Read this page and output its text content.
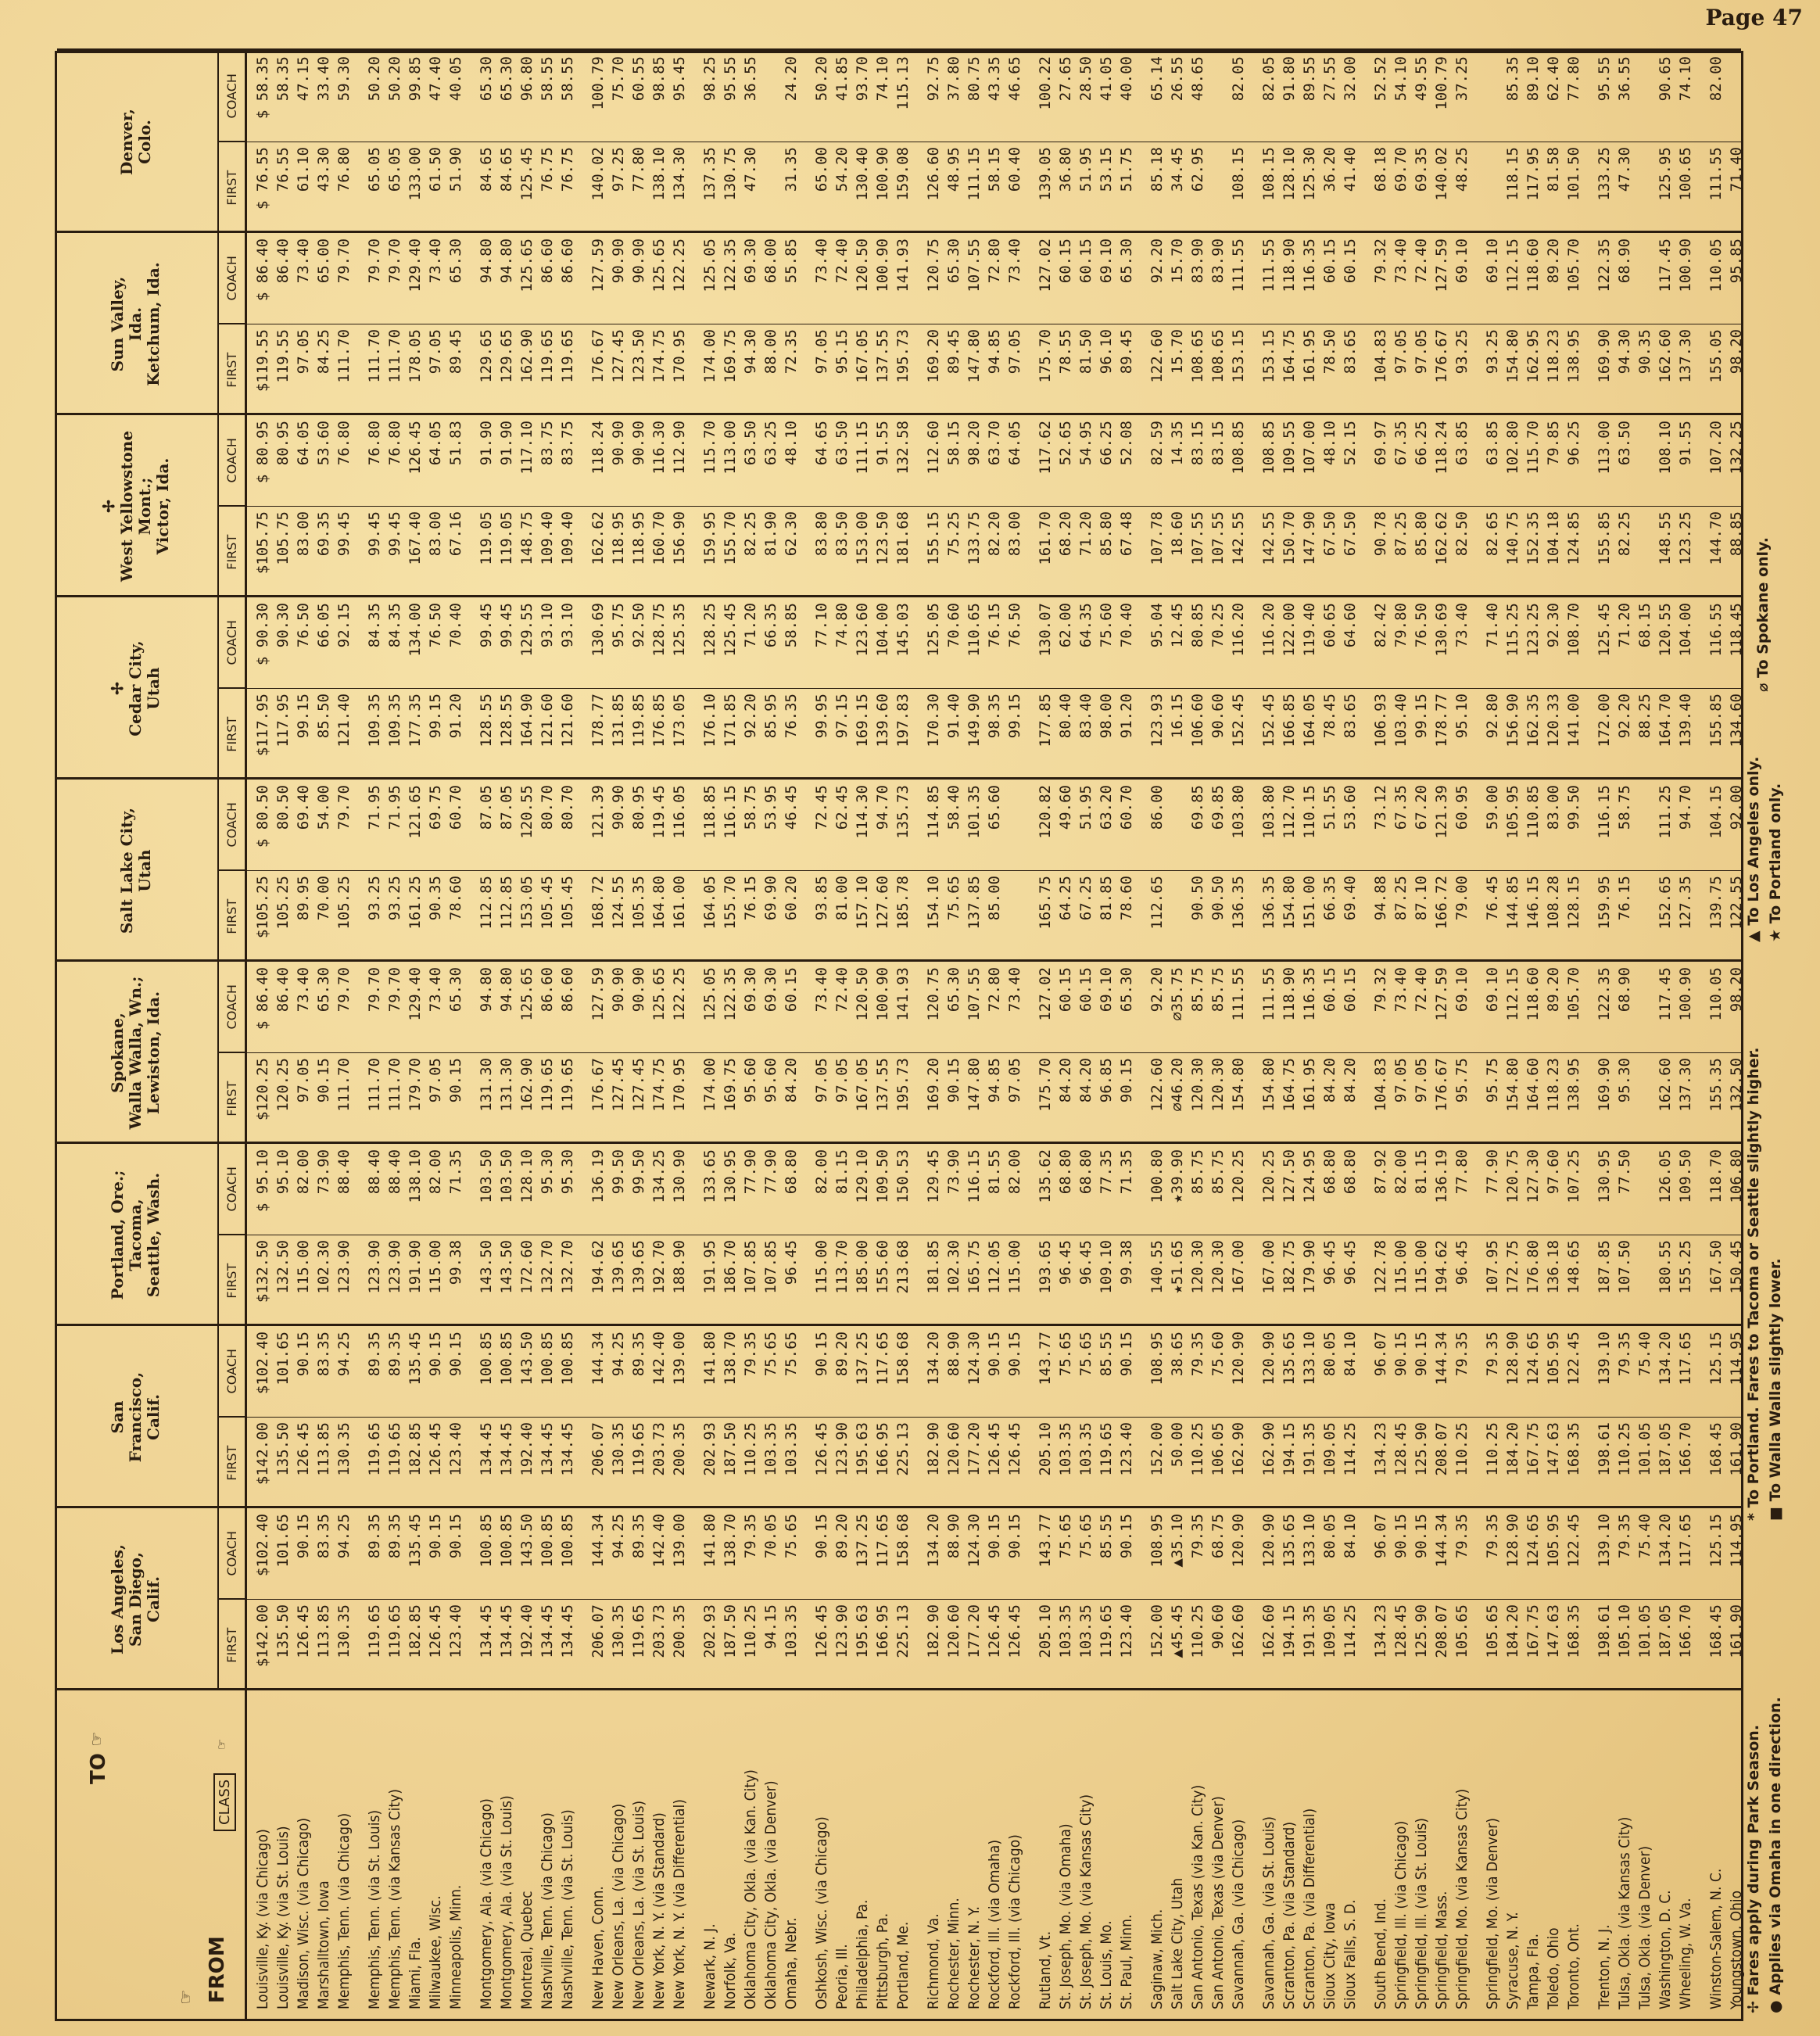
Page 47
TO
☞
☞ FROM
CLASS
☞
Los Angeles,
San Diego,
Calif.
FIRST
COACH
San
Francisco,
Calif.
FIRST
COACH
Portland, Ore.;
Tacoma,
Seattle, Wash.
FIRST
COACH
Spokane,
Walla Walla, Wn.;
Lewiston, Ida.
FIRST
COACH
Salt Lake City,
Utah
FIRST
COACH
✢
Cedar City,
Utah
FIRST
COACH
✢
West Yellowstone
Mont.;
Victor, Ida.
FIRST
COACH
Sun Valley,
Ida.
Ketchum, Ida.
FIRST
COACH
Denver,
Colo.
FIRST
COACH
Louisville, Ky. (via Chicago)
$142.00
$102.40
$142.00
$102.40
$132.50
$ 95.10
$120.25
$ 86.40
$105.25
$ 80.50
$117.95
$ 90.30
$105.75
$ 80.95
$119.55
$ 86.40
$ 76.55
$ 58.35
Louisville, Ky. (via St. Louis)
135.50
101.65
135.50
101.65
132.50
95.10
120.25
86.40
105.25
80.50
117.95
90.30
105.75
80.95
119.55
86.40
76.55
58.35
Madison, Wisc. (via Chicago)
126.45
90.15
126.45
90.15
115.00
82.00
97.05
73.40
89.95
69.40
99.15
76.50
83.00
64.05
97.05
73.40
61.10
47.15
Marshalltown, Iowa
113.85
83.35
113.85
83.35
102.30
73.90
90.15
65.30
70.00
54.00
85.50
66.05
69.35
53.60
84.25
65.00
43.30
33.40
Memphis, Tenn. (via Chicago)
130.35
94.25
130.35
94.25
123.90
88.40
111.70
79.70
105.25
79.70
121.40
92.15
99.45
76.80
111.70
79.70
76.80
59.30
Memphis, Tenn. (via St. Louis)
119.65
89.35
119.65
89.35
123.90
88.40
111.70
79.70
93.25
71.95
109.35
84.35
99.45
76.80
111.70
79.70
65.05
50.20
Memphis, Tenn. (via Kansas City)
119.65
89.35
119.65
89.35
123.90
88.40
111.70
79.70
93.25
71.95
109.35
84.35
99.45
76.80
111.70
79.70
65.05
50.20
Miami, Fla.
182.85
135.45
182.85
135.45
191.90
138.10
179.70
129.40
161.25
121.65
177.35
134.00
167.40
126.45
178.05
129.40
133.00
99.85
Milwaukee, Wisc.
126.45
90.15
126.45
90.15
115.00
82.00
97.05
73.40
90.35
69.75
99.15
76.50
83.00
64.05
97.05
73.40
61.50
47.40
Minneapolis, Minn.
123.40
90.15
123.40
90.15
99.38
71.35
90.15
65.30
78.60
60.70
91.20
70.40
67.16
51.83
89.45
65.30
51.90
40.05
Montgomery, Ala. (via Chicago)
134.45
100.85
134.45
100.85
143.50
103.50
131.30
94.80
112.85
87.05
128.55
99.45
119.05
91.90
129.65
94.80
84.65
65.30
Montgomery, Ala. (via St. Louis)
134.45
100.85
134.45
100.85
143.50
103.50
131.30
94.80
112.85
87.05
128.55
99.45
119.05
91.90
129.65
94.80
84.65
65.30
Montreal, Quebec
192.40
143.50
192.40
143.50
172.60
128.10
162.90
125.65
153.05
120.55
164.90
129.55
148.75
117.10
162.90
125.65
125.45
96.80
Nashville, Tenn. (via Chicago)
134.45
100.85
134.45
100.85
132.70
95.30
119.65
86.60
105.45
80.70
121.60
93.10
109.40
83.75
119.65
86.60
76.75
58.55
Nashville, Tenn. (via St. Louis)
134.45
100.85
134.45
100.85
132.70
95.30
119.65
86.60
105.45
80.70
121.60
93.10
109.40
83.75
119.65
86.60
76.75
58.55
New Haven, Conn.
206.07
144.34
206.07
144.34
194.62
136.19
176.67
127.59
168.72
121.39
178.77
130.69
162.62
118.24
176.67
127.59
140.02
100.79
New Orleans, La. (via Chicago)
130.35
94.25
130.35
94.25
139.65
99.50
127.45
90.90
124.55
90.90
131.85
95.75
118.95
90.90
127.45
90.90
97.25
75.70
New Orleans, La. (via St. Louis)
119.65
89.35
119.65
89.35
139.65
99.50
127.45
90.90
105.35
80.95
119.85
92.50
118.95
90.90
123.50
90.90
77.80
60.55
New York, N. Y. (via Standard)
203.73
142.40
203.73
142.40
192.70
134.25
174.75
125.65
164.80
119.45
176.85
128.75
160.70
116.30
174.75
125.65
138.10
98.85
New York, N. Y. (via Differential)
200.35
139.00
200.35
139.00
188.90
130.90
170.95
122.25
161.00
116.05
173.05
125.35
156.90
112.90
170.95
122.25
134.30
95.45
Newark, N. J.
202.93
141.80
202.93
141.80
191.95
133.65
174.00
125.05
164.05
118.85
176.10
128.25
159.95
115.70
174.00
125.05
137.35
98.25
Norfolk, Va.
187.50
138.70
187.50
138.70
186.70
130.95
169.75
122.35
155.70
116.15
171.85
125.45
155.70
113.00
169.75
122.35
130.75
95.55
Oklahoma City, Okla. (via Kan. City)
110.25
79.35
110.25
79.35
107.85
77.90
95.60
69.30
76.15
58.75
92.20
71.20
82.25
63.50
94.30
69.30
47.30
36.55
Oklahoma City, Okla. (via Denver)
94.15
70.05
103.35
75.65
107.85
77.90
95.60
69.30
69.90
53.95
85.95
66.35
81.90
63.25
88.00
68.00
Omaha, Nebr.
103.35
75.65
103.35
75.65
96.45
68.80
84.20
60.15
60.20
46.45
76.35
58.85
62.30
48.10
72.35
55.85
31.35
24.20
Oshkosh, Wisc. (via Chicago)
126.45
90.15
126.45
90.15
115.00
82.00
97.05
73.40
93.85
72.45
99.95
77.10
83.80
64.65
97.05
73.40
65.00
50.20
Peoria, Ill.
123.90
89.20
123.90
89.20
113.70
81.15
97.05
72.40
81.00
62.45
97.15
74.80
83.50
63.50
95.15
72.40
54.20
41.85
Philadelphia, Pa.
195.63
137.25
195.63
137.25
185.00
129.10
167.05
120.50
157.10
114.30
169.15
123.60
153.00
111.15
167.05
120.50
130.40
93.70
Pittsburgh, Pa.
166.95
117.65
166.95
117.65
155.60
109.50
137.55
100.90
127.60
94.70
139.60
104.00
123.50
91.55
137.55
100.90
100.90
74.10
Portland, Me.
225.13
158.68
225.13
158.68
213.68
150.53
195.73
141.93
185.78
135.73
197.83
145.03
181.68
132.58
195.73
141.93
159.08
115.13
Richmond, Va.
182.90
134.20
182.90
134.20
181.85
129.45
169.20
120.75
154.10
114.85
170.30
125.05
155.15
112.60
169.20
120.75
126.60
92.75
Rochester, Minn.
120.60
88.90
120.60
88.90
102.30
73.90
90.15
65.30
75.65
58.40
91.40
70.60
75.25
58.15
89.45
65.30
48.95
37.80
Rochester, N. Y.
177.20
124.30
177.20
124.30
165.75
116.15
147.80
107.55
137.85
101.35
149.90
110.65
133.75
98.20
147.80
107.55
111.15
80.75
Rockford, Ill. (via Omaha)
126.45
90.15
126.45
90.15
112.05
81.55
94.85
72.80
85.00
65.60
98.35
76.15
82.20
63.70
94.85
72.80
58.15
43.35
Rockford, Ill. (via Chicago)
126.45
90.15
126.45
90.15
115.00
82.00
97.05
73.40
99.15
76.50
83.00
64.05
97.05
73.40
60.40
46.65
Rutland, Vt.
205.10
143.77
205.10
143.77
193.65
135.62
175.70
127.02
165.75
120.82
177.85
130.07
161.70
117.62
175.70
127.02
139.05
100.22
St. Joseph, Mo. (via Omaha)
103.35
75.65
103.35
75.65
96.45
68.80
84.20
60.15
64.25
49.60
80.40
62.00
68.20
52.65
78.55
60.15
36.80
27.65
St. Joseph, Mo. (via Kansas City)
103.35
75.65
103.35
75.65
96.45
68.80
84.20
60.15
67.25
51.95
83.40
64.35
71.20
54.95
81.50
60.15
51.95
28.50
St. Louis, Mo.
119.65
85.55
119.65
85.55
109.10
77.35
96.85
69.10
81.85
63.20
98.00
75.60
85.80
66.25
96.10
69.10
53.15
41.05
St. Paul, Minn.
123.40
90.15
123.40
90.15
99.38
71.35
90.15
65.30
78.60
60.70
91.20
70.40
67.48
52.08
89.45
65.30
51.75
40.00
Saginaw, Mich.
152.00
108.95
152.00
108.95
140.55
100.80
122.60
92.20
112.65
86.00
123.93
95.04
107.78
82.59
122.60
92.20
85.18
65.14
Salt Lake City, Utah
▲45.45
▲35.10
50.00
38.65
★51.65
★39.90
⌀46.20
⌀35.75
16.15
12.45
18.60
14.35
15.70
15.70
34.45
26.55
San Antonio, Texas (via Kan. City)
110.25
79.35
110.25
79.35
120.30
85.75
120.30
85.75
90.50
69.85
106.60
80.85
107.55
83.15
108.65
83.90
62.95
48.65
San Antonio, Texas (via Denver)
90.60
68.75
106.05
75.60
120.30
85.75
120.30
85.75
90.50
69.85
90.60
70.25
107.55
83.15
108.65
83.90
Savannah, Ga. (via Chicago)
162.60
120.90
162.90
120.90
167.00
120.25
154.80
111.55
136.35
103.80
152.45
116.20
142.55
108.85
153.15
111.55
108.15
82.05
Savannah, Ga. (via St. Louis)
162.60
120.90
162.90
120.90
167.00
120.25
154.80
111.55
136.35
103.80
152.45
116.20
142.55
108.85
153.15
111.55
108.15
82.05
Scranton, Pa. (via Standard)
194.15
135.65
194.15
135.65
182.75
127.50
164.75
118.90
154.80
112.70
166.85
122.00
150.70
109.55
164.75
118.90
128.10
91.80
Scranton, Pa. (via Differential)
191.35
133.10
191.35
133.10
179.90
124.95
161.95
116.35
151.00
110.15
164.05
119.40
147.90
107.00
161.95
116.35
125.30
89.55
Sioux City, Iowa
109.05
80.05
109.05
80.05
96.45
68.80
84.20
60.15
66.35
51.55
78.45
60.65
67.50
48.10
78.50
60.15
36.20
27.55
Sioux Falls, S. D.
114.25
84.10
114.25
84.10
96.45
68.80
84.20
60.15
69.40
53.60
83.65
64.60
67.50
52.15
83.65
60.15
41.40
32.00
South Bend, Ind.
134.23
96.07
134.23
96.07
122.78
87.92
104.83
79.32
94.88
73.12
106.93
82.42
90.78
69.97
104.83
79.32
68.18
52.52
Springfield, Ill. (via Chicago)
128.45
90.15
128.45
90.15
115.00
82.00
97.05
73.40
87.25
67.35
103.40
79.80
87.25
67.35
97.05
73.40
69.70
54.10
Springfield, Ill. (via St. Louis)
125.90
90.15
125.90
90.15
115.00
81.15
97.05
72.40
87.10
67.20
99.15
76.50
85.80
66.25
97.05
72.40
69.35
49.55
Springfield, Mass.
208.07
144.34
208.07
144.34
194.62
136.19
176.67
127.59
166.72
121.39
178.77
130.69
162.62
118.24
176.67
127.59
140.02
100.79
Springfield, Mo. (via Kansas City)
105.65
79.35
110.25
79.35
96.45
77.80
95.75
69.10
79.00
60.95
95.10
73.40
82.50
63.85
93.25
69.10
48.25
37.25
Springfield, Mo. (via Denver)
105.65
79.35
110.25
79.35
107.95
77.90
95.75
69.10
76.45
59.00
92.80
71.40
82.65
63.85
93.25
69.10
Syracuse, N. Y.
184.20
128.90
184.20
128.90
172.75
120.75
154.80
112.15
144.85
105.95
156.90
115.25
140.75
102.80
154.80
112.15
118.15
85.35
Tampa, Fla.
167.75
124.65
167.75
124.65
176.80
127.30
164.60
118.60
146.15
110.85
162.35
123.25
152.35
115.70
162.95
118.60
117.95
89.10
Toledo, Ohio
147.63
105.95
147.63
105.95
136.18
97.60
118.23
89.20
108.28
83.00
120.33
92.30
104.18
79.85
118.23
89.20
81.58
62.40
Toronto, Ont.
168.35
122.45
168.35
122.45
148.65
107.25
138.95
105.70
128.15
99.50
141.00
108.70
124.85
96.25
138.95
105.70
101.50
77.80
Trenton, N. J.
198.61
139.10
198.61
139.10
187.85
130.95
169.90
122.35
159.95
116.15
172.00
125.45
155.85
113.00
169.90
122.35
133.25
95.55
Tulsa, Okla. (via Kansas City)
105.10
79.35
110.25
79.35
107.50
77.50
95.30
68.90
76.15
58.75
92.20
71.20
82.25
63.50
94.30
68.90
47.30
36.55
Tulsa, Okla. (via Denver)
101.05
75.40
101.05
75.40
88.25
68.15
90.35
Washington, D. C.
187.05
134.20
187.05
134.20
180.55
126.05
162.60
117.45
152.65
111.25
164.70
120.55
148.55
108.10
162.60
117.45
125.95
90.65
Wheeling, W. Va.
166.70
117.65
166.70
117.65
155.25
109.50
137.30
100.90
127.35
94.70
139.40
104.00
123.25
91.55
137.30
100.90
100.65
74.10
Winston-Salem, N. C.
168.45
125.15
168.45
125.15
167.50
118.70
155.35
110.05
139.75
104.15
155.85
116.55
144.70
107.20
155.05
110.05
111.55
82.00
Youngstown, Ohio
161.90
114.95
161.90
114.95
150.45
106.80
132.50
98.20
122.55
92.00
134.60
118.45
88.85
132.25
98.20
95.85
71.40
✢ Fares apply during Park Season. ● Applies via Omaha in one direction.
* To Portland. Fares to Tacoma or Seattle slightly higher. ■ To Walla Walla slightly lower.
▲ To Los Angeles only. ★ To Portland only.
⌀ To Spokane only.
